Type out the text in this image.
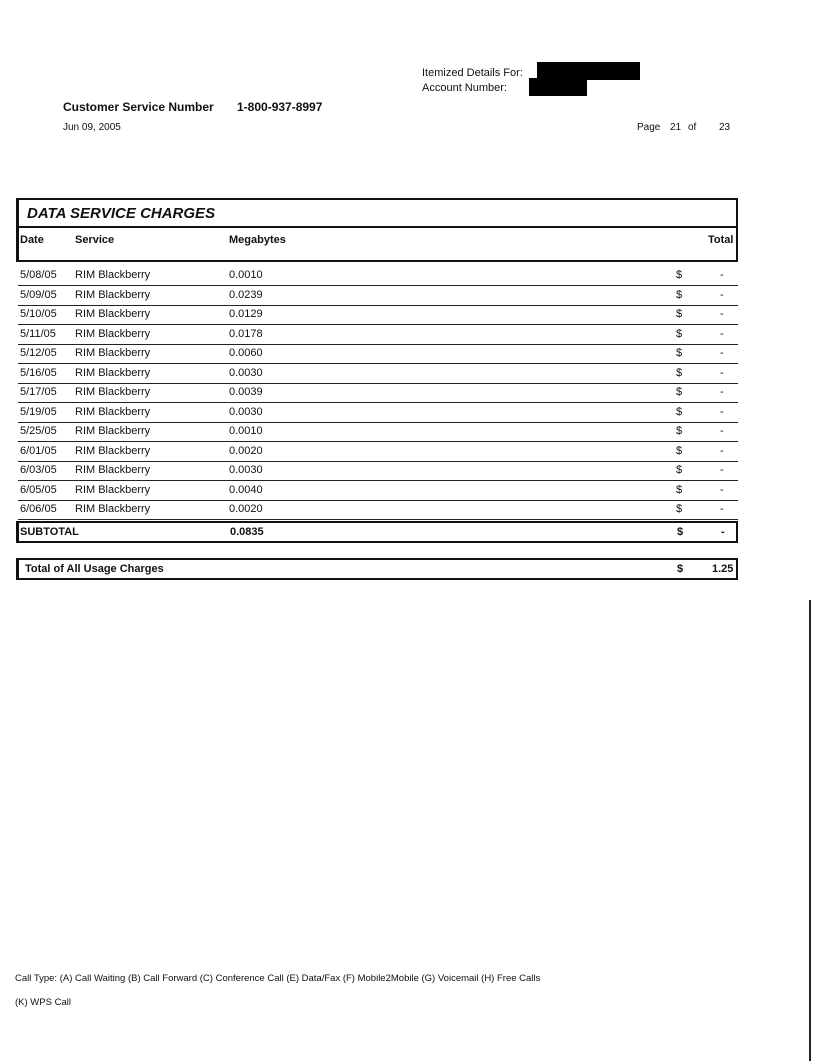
Itemized Details For:
Account Number:
Customer Service Number 1-800-937-8997
Jun 09, 2005	Page 21 of 23
DATA SERVICE CHARGES
Date	Service	Megabytes	Total
5/08/05 RIM Blackberry	0.0010	$	-
5/09/05 RIM Blackberry	0.0239	$	-
5/10/05 RIM Blackberry	0.0129	$	-
5/11/05 RIM Blackberry	0.0178	$	-
5/12/05 RIM Blackberry	0.0060	$	-
5/16/05 RIM Blackberry	0.0030	$	-
5/17/05 RIM Blackberry	0.0039	$	-
5/19/05 RIM Blackberry	0.0030	$	-
5/25/05 RIM Blackberry	0.0010	$	-
6/01/05 RIM Blackberry	0.0020	$	-
6/03/05 RIM Blackberry	0.0030	$	-
6/05/05 RIM Blackberry	0.0040	$	-
6/06/05 RIM Blackberry	0.0020	$	-
SUBTOTAL	0.0835	$	-
Total of All Usage Charges	$	1.25
Call Type: (A) Call Waiting (B) Call Forward (C) Conference Call (E) Data/Fax (F) Mobile2Mobile (G) Voicemail (H) Free Calls
(K) WPS Call
